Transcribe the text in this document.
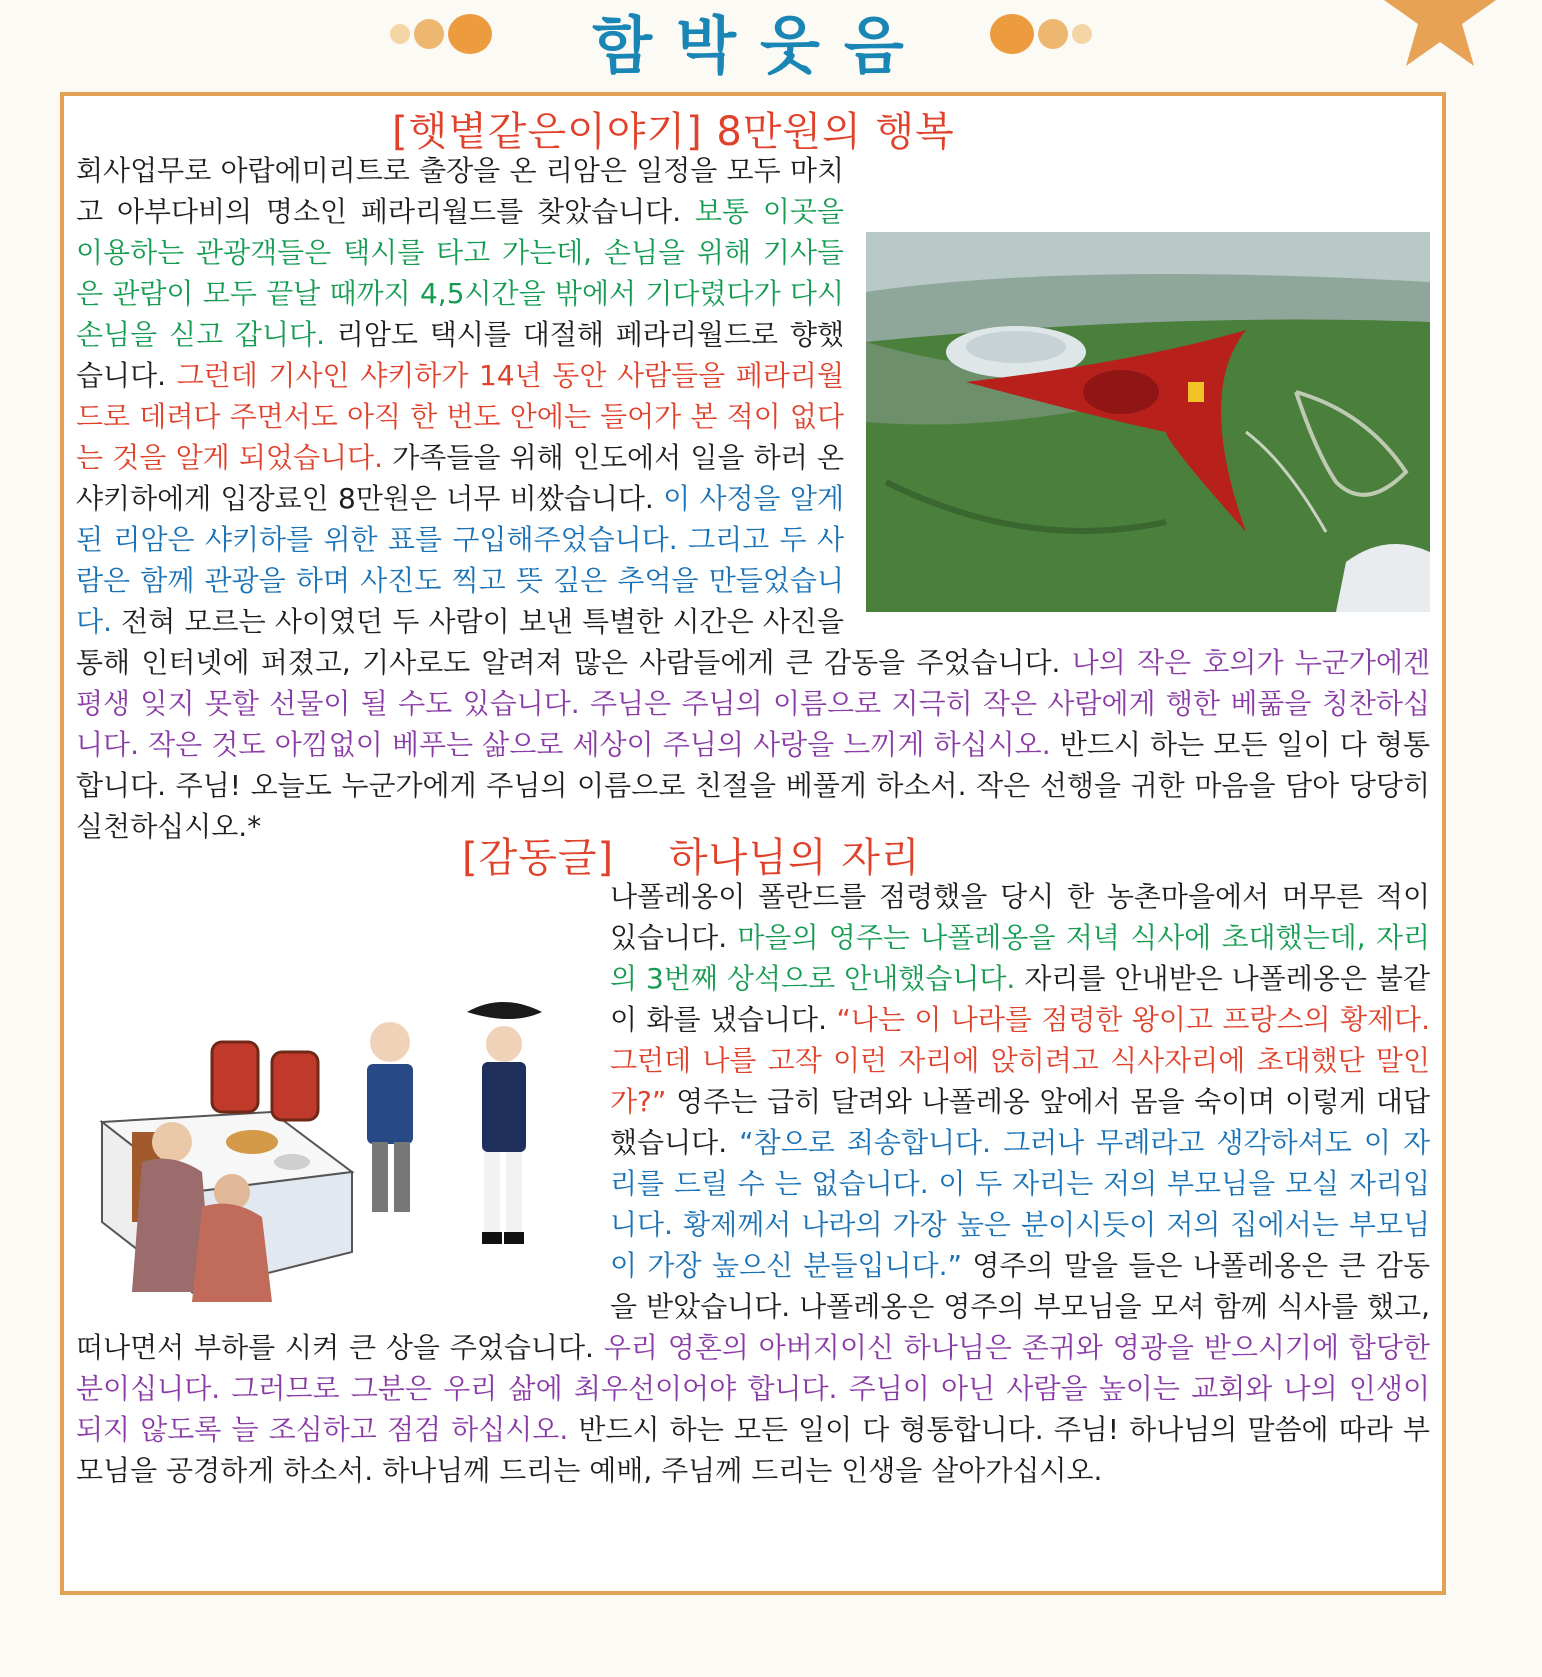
함박웃음
[햇볕같은이야기] 8만원의 행복
회사업무로 아랍에미리트로 출장을 온 리암은 일정을 모두 마치고 아부다비의 명소인 페라리월드를 찾았습니다. 보통 이곳을 이용하는 관광객들은 택시를 타고 가는데, 손님을 위해 기사들은 관람이 모두 끝날 때까지 4,5시간을 밖에서 기다렸다가 다시 손님을 싣고 갑니다. 리암도 택시를 대절해 페라리월드로 향했습니다. 그런데 기사인 샤키하가 14년 동안 사람들을 페라리월드로 데려다 주면서도 아직 한 번도 안에는 들어가 본 적이 없다는 것을 알게 되었습니다. 가족들을 위해 인도에서 일을 하러 온 샤키하에게 입장료인 8만원은 너무 비쌌습니다. 이 사정을 알게 된 리암은 샤키하를 위한 표를 구입해주었습니다. 그리고 두 사람은 함께 관광을 하며 사진도 찍고 뜻 깊은 추억을 만들었습니다. 전혀 모르는 사이였던 두 사람이 보낸 특별한 시간은 사진을 통해 인터넷에 퍼졌고, 기사로도 알려져 많은 사람들에게 큰 감동을 주었습니다. 나의 작은 호의가 누군가에겐 평생 잊지 못할 선물이 될 수도 있습니다. 주님은 주님의 이름으로 지극히 작은 사람에게 행한 베풂을 칭찬하십니다. 작은 것도 아낌없이 베푸는 삶으로 세상이 주님의 사랑을 느끼게 하십시오. 반드시 하는 모든 일이 다 형통합니다. 주님! 오늘도 누군가에게 주님의 이름으로 친절을 베풀게 하소서. 작은 선행을 귀한 마음을 담아 당당히 실천하십시오.*
[감동글]    하나님의 자리
나폴레옹이 폴란드를 점령했을 당시 한 농촌마을에서 머무른 적이 있습니다. 마을의 영주는 나폴레옹을 저녁 식사에 초대했는데, 자리의 3번째 상석으로 안내했습니다. 자리를 안내받은 나폴레옹은 불같이 화를 냈습니다. “나는 이 나라를 점령한 왕이고 프랑스의 황제다. 그런데 나를 고작 이런 자리에 앉히려고 식사자리에 초대했단 말인가?” 영주는 급히 달려와 나폴레옹 앞에서 몸을 숙이며 이렇게 대답했습니다. “참으로 죄송합니다. 그러나 무례라고 생각하셔도 이 자리를 드릴 수 는 없습니다. 이 두 자리는 저의 부모님을 모실 자리입니다. 황제께서 나라의 가장 높은 분이시듯이 저의 집에서는 부모님이 가장 높으신 분들입니다.” 영주의 말을 들은 나폴레옹은 큰 감동을 받았습니다. 나폴레옹은 영주의 부모님을 모셔 함께 식사를 했고, 떠나면서 부하를 시켜 큰 상을 주었습니다. 우리 영혼의 아버지이신 하나님은 존귀와 영광을 받으시기에 합당한 분이십니다. 그러므로 그분은 우리 삶에 최우선이어야 합니다. 주님이 아닌 사람을 높이는 교회와 나의 인생이 되지 않도록 늘 조심하고 점검 하십시오. 반드시 하는 모든 일이 다 형통합니다. 주님! 하나님의 말씀에 따라 부모님을 공경하게 하소서. 하나님께 드리는 예배, 주님께 드리는 인생을 살아가십시오.
